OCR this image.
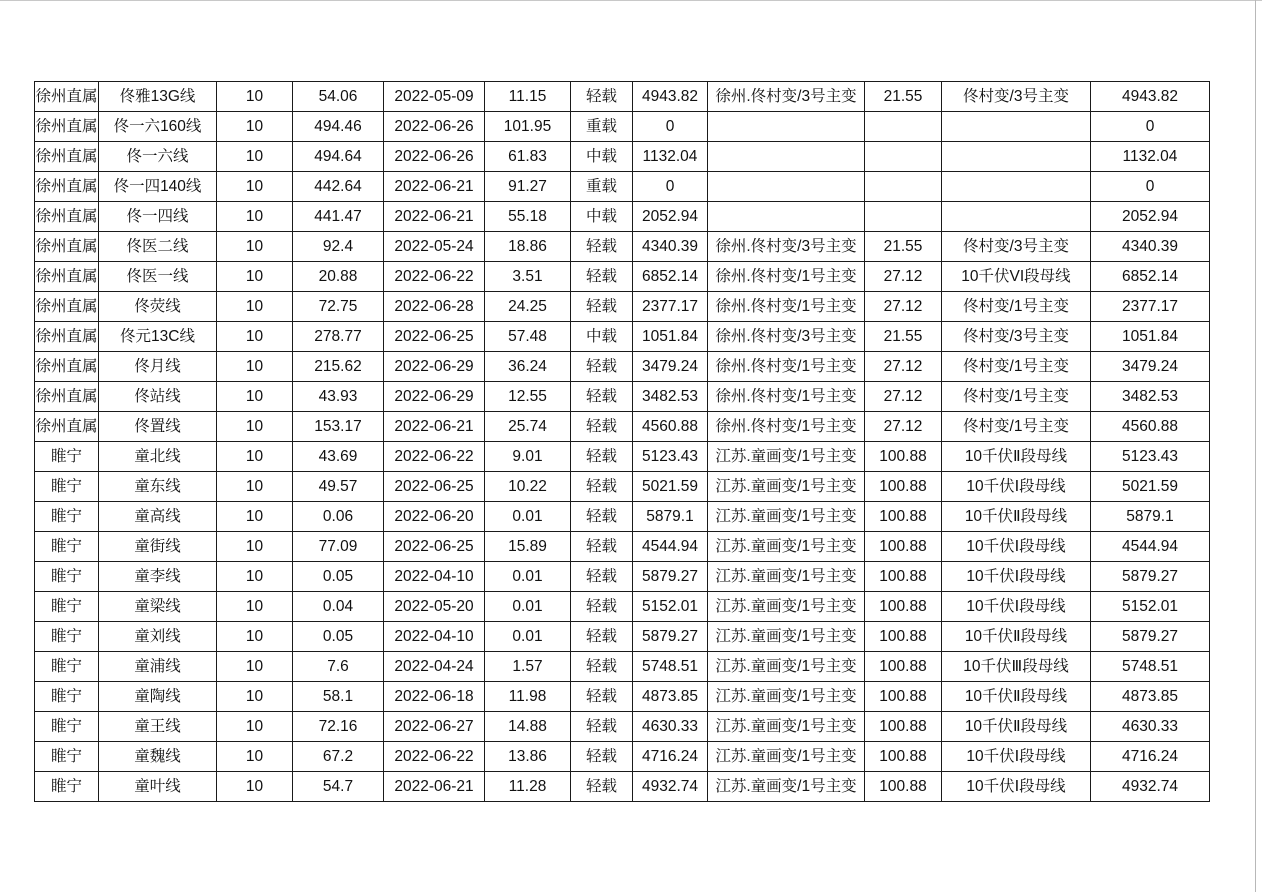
徐州直属	佟雅13G线	10	54.06	2022-05-09	11.15	轻载	4943.82	徐州.佟村变/3号主变	21.55	佟村变/3号主变	4943.82
徐州直属	佟一六160线	10	494.46	2022-06-26	101.95	重载	0				0
徐州直属	佟一六线	10	494.64	2022-06-26	61.83	中载	1132.04				1132.04
徐州直属	佟一四140线	10	442.64	2022-06-21	91.27	重载	0				0
徐州直属	佟一四线	10	441.47	2022-06-21	55.18	中载	2052.94				2052.94
徐州直属	佟医二线	10	92.4	2022-05-24	18.86	轻载	4340.39	徐州.佟村变/3号主变	21.55	佟村变/3号主变	4340.39
徐州直属	佟医一线	10	20.88	2022-06-22	3.51	轻载	6852.14	徐州.佟村变/1号主变	27.12	10千伏VI段母线	6852.14
徐州直属	佟荧线	10	72.75	2022-06-28	24.25	轻载	2377.17	徐州.佟村变/1号主变	27.12	佟村变/1号主变	2377.17
徐州直属	佟元13C线	10	278.77	2022-06-25	57.48	中载	1051.84	徐州.佟村变/3号主变	21.55	佟村变/3号主变	1051.84
徐州直属	佟月线	10	215.62	2022-06-29	36.24	轻载	3479.24	徐州.佟村变/1号主变	27.12	佟村变/1号主变	3479.24
徐州直属	佟站线	10	43.93	2022-06-29	12.55	轻载	3482.53	徐州.佟村变/1号主变	27.12	佟村变/1号主变	3482.53
徐州直属	佟置线	10	153.17	2022-06-21	25.74	轻载	4560.88	徐州.佟村变/1号主变	27.12	佟村变/1号主变	4560.88
睢宁	童北线	10	43.69	2022-06-22	9.01	轻载	5123.43	江苏.童画变/1号主变	100.88	10千伏Ⅱ段母线	5123.43
睢宁	童东线	10	49.57	2022-06-25	10.22	轻载	5021.59	江苏.童画变/1号主变	100.88	10千伏Ⅰ段母线	5021.59
睢宁	童高线	10	0.06	2022-06-20	0.01	轻载	5879.1	江苏.童画变/1号主变	100.88	10千伏Ⅱ段母线	5879.1
睢宁	童街线	10	77.09	2022-06-25	15.89	轻载	4544.94	江苏.童画变/1号主变	100.88	10千伏Ⅰ段母线	4544.94
睢宁	童李线	10	0.05	2022-04-10	0.01	轻载	5879.27	江苏.童画变/1号主变	100.88	10千伏Ⅰ段母线	5879.27
睢宁	童梁线	10	0.04	2022-05-20	0.01	轻载	5152.01	江苏.童画变/1号主变	100.88	10千伏Ⅰ段母线	5152.01
睢宁	童刘线	10	0.05	2022-04-10	0.01	轻载	5879.27	江苏.童画变/1号主变	100.88	10千伏Ⅱ段母线	5879.27
睢宁	童浦线	10	7.6	2022-04-24	1.57	轻载	5748.51	江苏.童画变/1号主变	100.88	10千伏Ⅲ段母线	5748.51
睢宁	童陶线	10	58.1	2022-06-18	11.98	轻载	4873.85	江苏.童画变/1号主变	100.88	10千伏Ⅱ段母线	4873.85
睢宁	童王线	10	72.16	2022-06-27	14.88	轻载	4630.33	江苏.童画变/1号主变	100.88	10千伏Ⅱ段母线	4630.33
睢宁	童魏线	10	67.2	2022-06-22	13.86	轻载	4716.24	江苏.童画变/1号主变	100.88	10千伏Ⅰ段母线	4716.24
睢宁	童叶线	10	54.7	2022-06-21	11.28	轻载	4932.74	江苏.童画变/1号主变	100.88	10千伏Ⅰ段母线	4932.74
